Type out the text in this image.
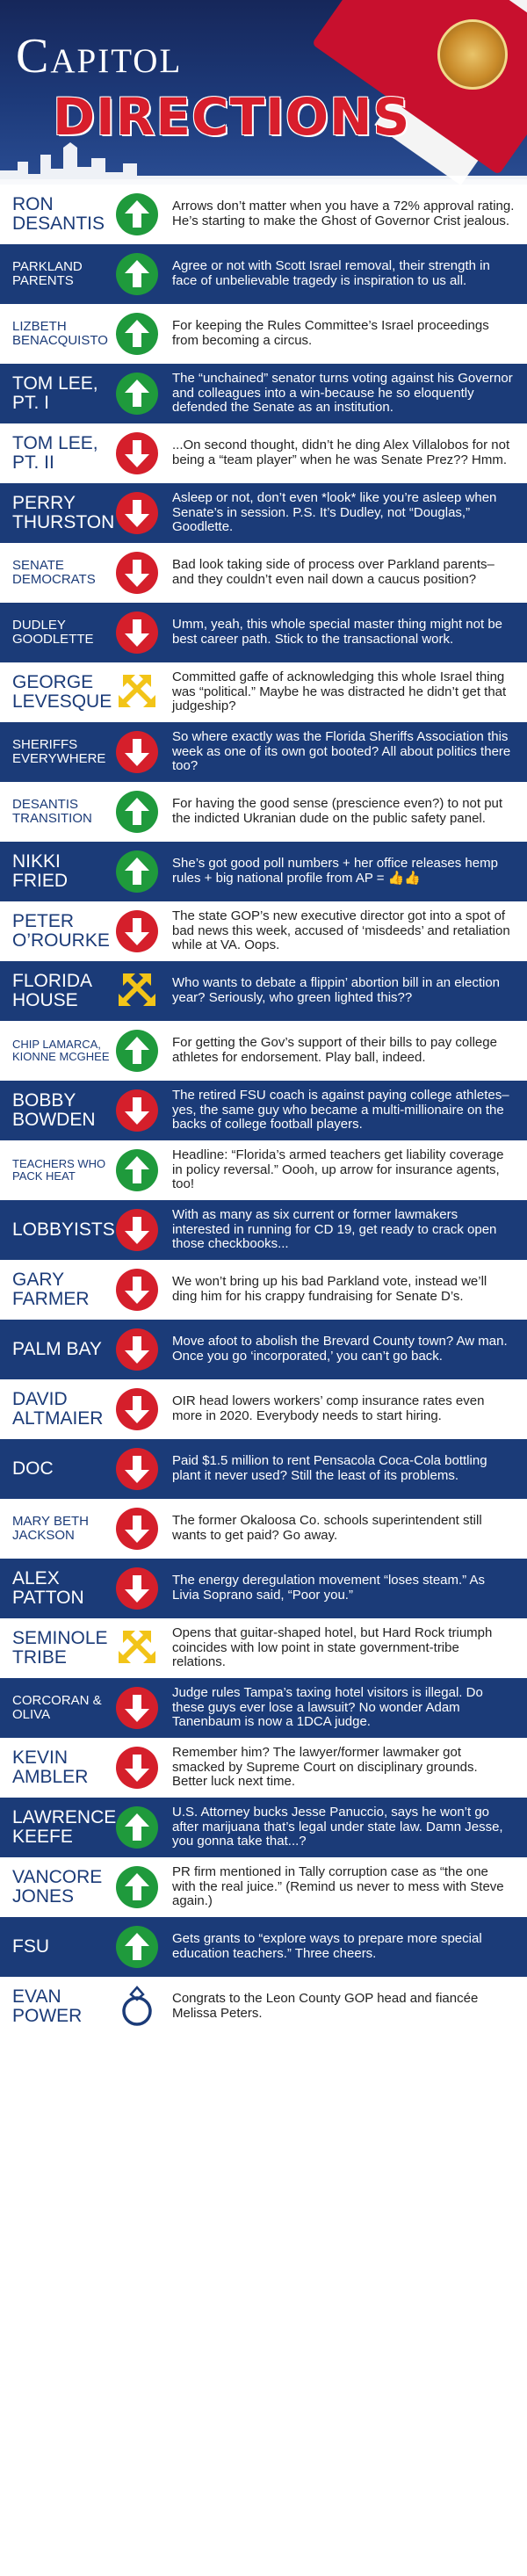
Capitol
DIRECTIONS
RON DESANTIS
Arrows don’t matter when you have a 72% approval rating. He’s starting to make the Ghost of Governor Crist jealous.
PARKLAND PARENTS
Agree or not with Scott Israel removal, their strength in face of unbelievable tragedy is inspiration to us all.
LIZBETH BENACQUISTO
For keeping the Rules Committee’s Israel proceedings from becoming a circus.
TOM LEE, PT. I
The “unchained” senator turns voting against his Governor and colleagues into a win-because he so eloquently defended the Senate as an institution.
TOM LEE, PT. II
...On second thought, didn’t he ding Alex Villalobos for not being a “team player” when he was Senate Prez?? Hmm.
PERRY THURSTON
Asleep or not, don’t even *look* like you’re asleep when Senate’s in session. P.S. It’s Dudley, not “Douglas,” Goodlette.
SENATE DEMOCRATS
Bad look taking side of process over Parkland parents–and they couldn’t even nail down a caucus position?
DUDLEY GOODLETTE
Umm, yeah, this whole special master thing might not be best career path. Stick to the transactional work.
GEORGE LEVESQUE
Committed gaffe of acknowledging this whole Israel thing was “political.” Maybe he was distracted he didn’t get that judgeship?
SHERIFFS EVERYWHERE
So where exactly was the Florida Sheriffs Association this week as one of its own got booted? All about politics there too?
DESANTIS TRANSITION
For having the good sense (prescience even?) to not put the indicted Ukranian dude on the public safety panel.
NIKKI FRIED
She’s got good poll numbers + her office releases hemp rules + big national profile from AP = 👍👍
PETER O’ROURKE
The state GOP’s new executive director got into a spot of bad news this week, accused of ‘misdeeds’ and retaliation while at VA. Oops.
FLORIDA HOUSE
Who wants to debate a flippin’ abortion bill in an election year? Seriously, who green lighted this??
CHIP LAMARCA, KIONNE MCGHEE
For getting the Gov’s support of their bills to pay college athletes for endorsement. Play ball, indeed.
BOBBY BOWDEN
The retired FSU coach is against paying college athletes–yes, the same guy who became a multi-millionaire on the backs of college football players.
TEACHERS WHO PACK HEAT
Headline: “Florida’s armed teachers get liability coverage in policy reversal.” Oooh, up arrow for insurance agents, too!
LOBBYISTS
With as many as six current or former lawmakers interested in running for CD 19, get ready to crack open those checkbooks...
GARY FARMER
We won’t bring up his bad Parkland vote, instead we’ll ding him for his crappy fundraising for Senate D’s.
PALM BAY	Move afoot to abolish the Brevard County town? Aw man. Once you go ‘incorporated,’ you can’t go back.
DAVID ALTMAIER
OIR head lowers workers’ comp insurance rates even more in 2020. Everybody needs to start hiring.
DOC	Paid $1.5 million to rent Pensacola Coca-Cola bottling plant it never used? Still the least of its problems.
MARY BETH JACKSON
The former Okaloosa Co. schools superintendent still wants to get paid? Go away.
ALEX PATTON
The energy deregulation movement “loses steam.” As Livia Soprano said, “Poor you.”
SEMINOLE TRIBE
Opens that guitar-shaped hotel, but Hard Rock triumph coincides with low point in state government-tribe relations.
CORCORAN & OLIVA
Judge rules Tampa’s taxing hotel visitors is illegal. Do these guys ever lose a lawsuit? No wonder Adam Tanenbaum is now a 1DCA judge.
KEVIN AMBLER
Remember him? The lawyer/former lawmaker got smacked by Supreme Court on disciplinary grounds. Better luck next time.
LAWRENCE KEEFE
U.S. Attorney bucks Jesse Panuccio, says he won’t go after marijuana that’s legal under state law. Damn Jesse, you gonna take that...?
VANCORE JONES
PR firm mentioned in Tally corruption case as “the one with the real juice.” (Remind us never to mess with Steve again.)
FSU	Gets grants to “explore ways to prepare more special education teachers.” Three cheers.
EVAN POWER
Congrats to the Leon County GOP head and fiancée Melissa Peters.
